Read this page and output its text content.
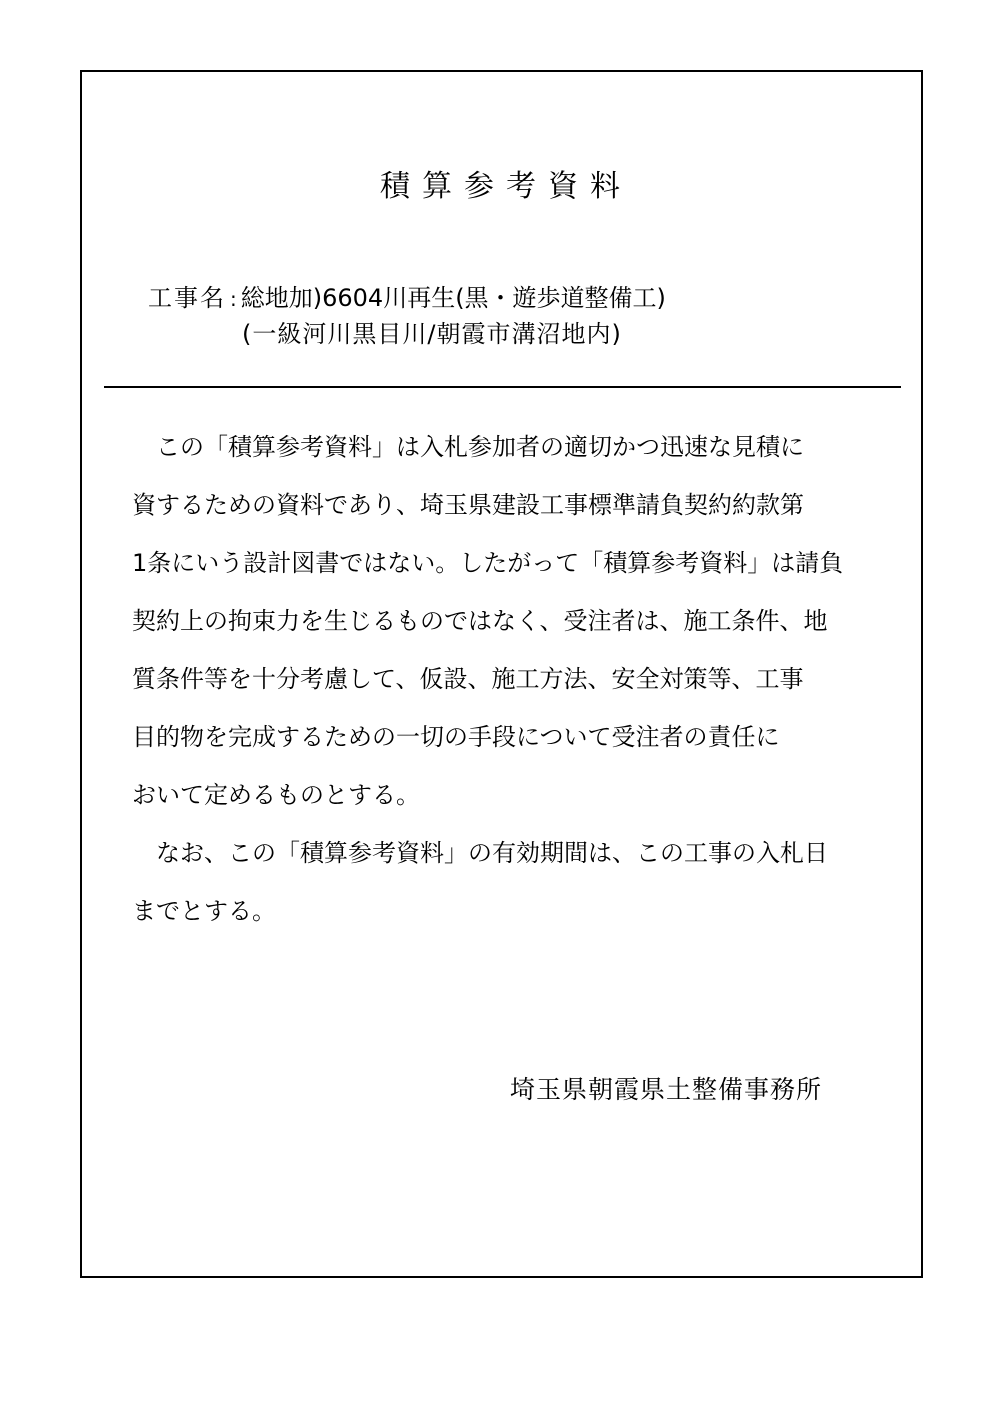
積算参考資料
工事名 : 総地加)6604川再生(黒・遊歩道整備工)
(一級河川黒目川/朝霞市溝沼地内)
　この「積算参考資料」は入札参加者の適切かつ迅速な見積に
資するための資料であり、埼玉県建設工事標準請負契約約款第
1条にいう設計図書ではない。したがって「積算参考資料」は請負
契約上の拘束力を生じるものではなく、受注者は、施工条件、地
質条件等を十分考慮して、仮設、施工方法、安全対策等、工事
目的物を完成するための一切の手段について受注者の責任に
おいて定めるものとする。
　なお、この「積算参考資料」の有効期間は、この工事の入札日
までとする。
埼玉県朝霞県土整備事務所
